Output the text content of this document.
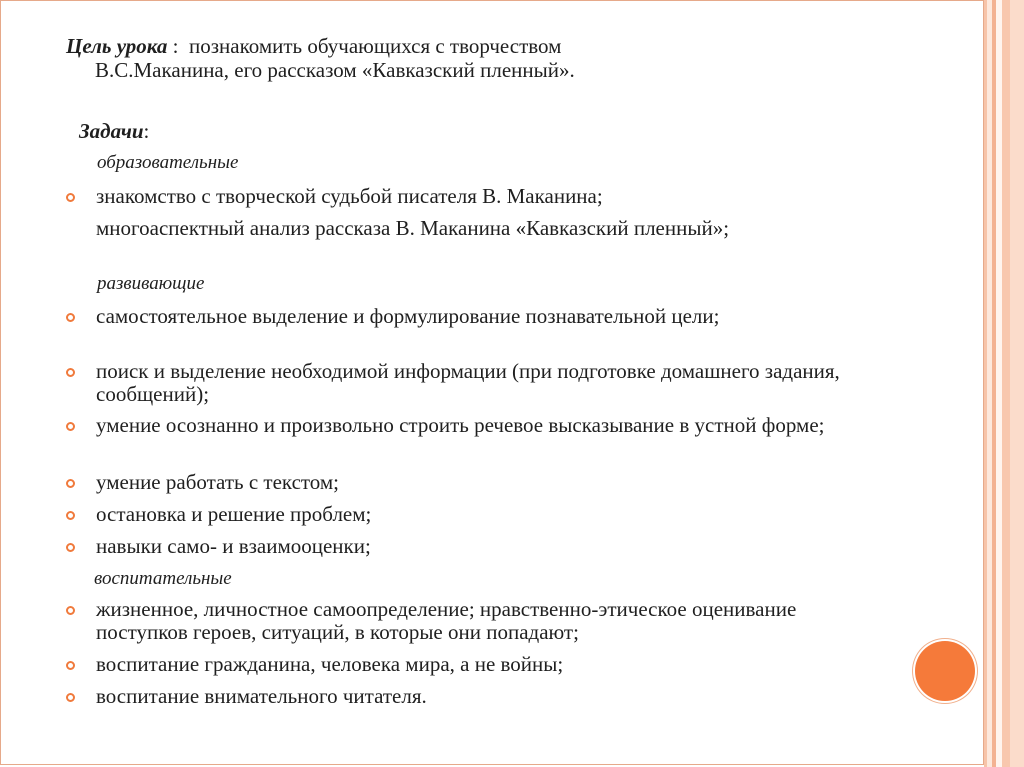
Цель урока :  познакомить обучающихся с творчеством
В.С.Маканина, его рассказом «Кавказский пленный».
Задачи:
образовательные
знакомство с творческой судьбой писателя В. Маканина;
многоаспектный анализ рассказа В. Маканина «Кавказский пленный»;
развивающие
самостоятельное выделение и формулирование познавательной цели;
поиск и выделение необходимой информации (при подготовке домашнего задания, сообщений);
умение осознанно и произвольно строить речевое высказывание в устной форме;
умение работать с текстом;
остановка и решение проблем;
навыки само- и взаимооценки;
воспитательные
жизненное, личностное самоопределение; нравственно-этическое оценивание поступков героев, ситуаций, в которые они попадают;
воспитание гражданина, человека мира, а не войны;
воспитание внимательного читателя.
